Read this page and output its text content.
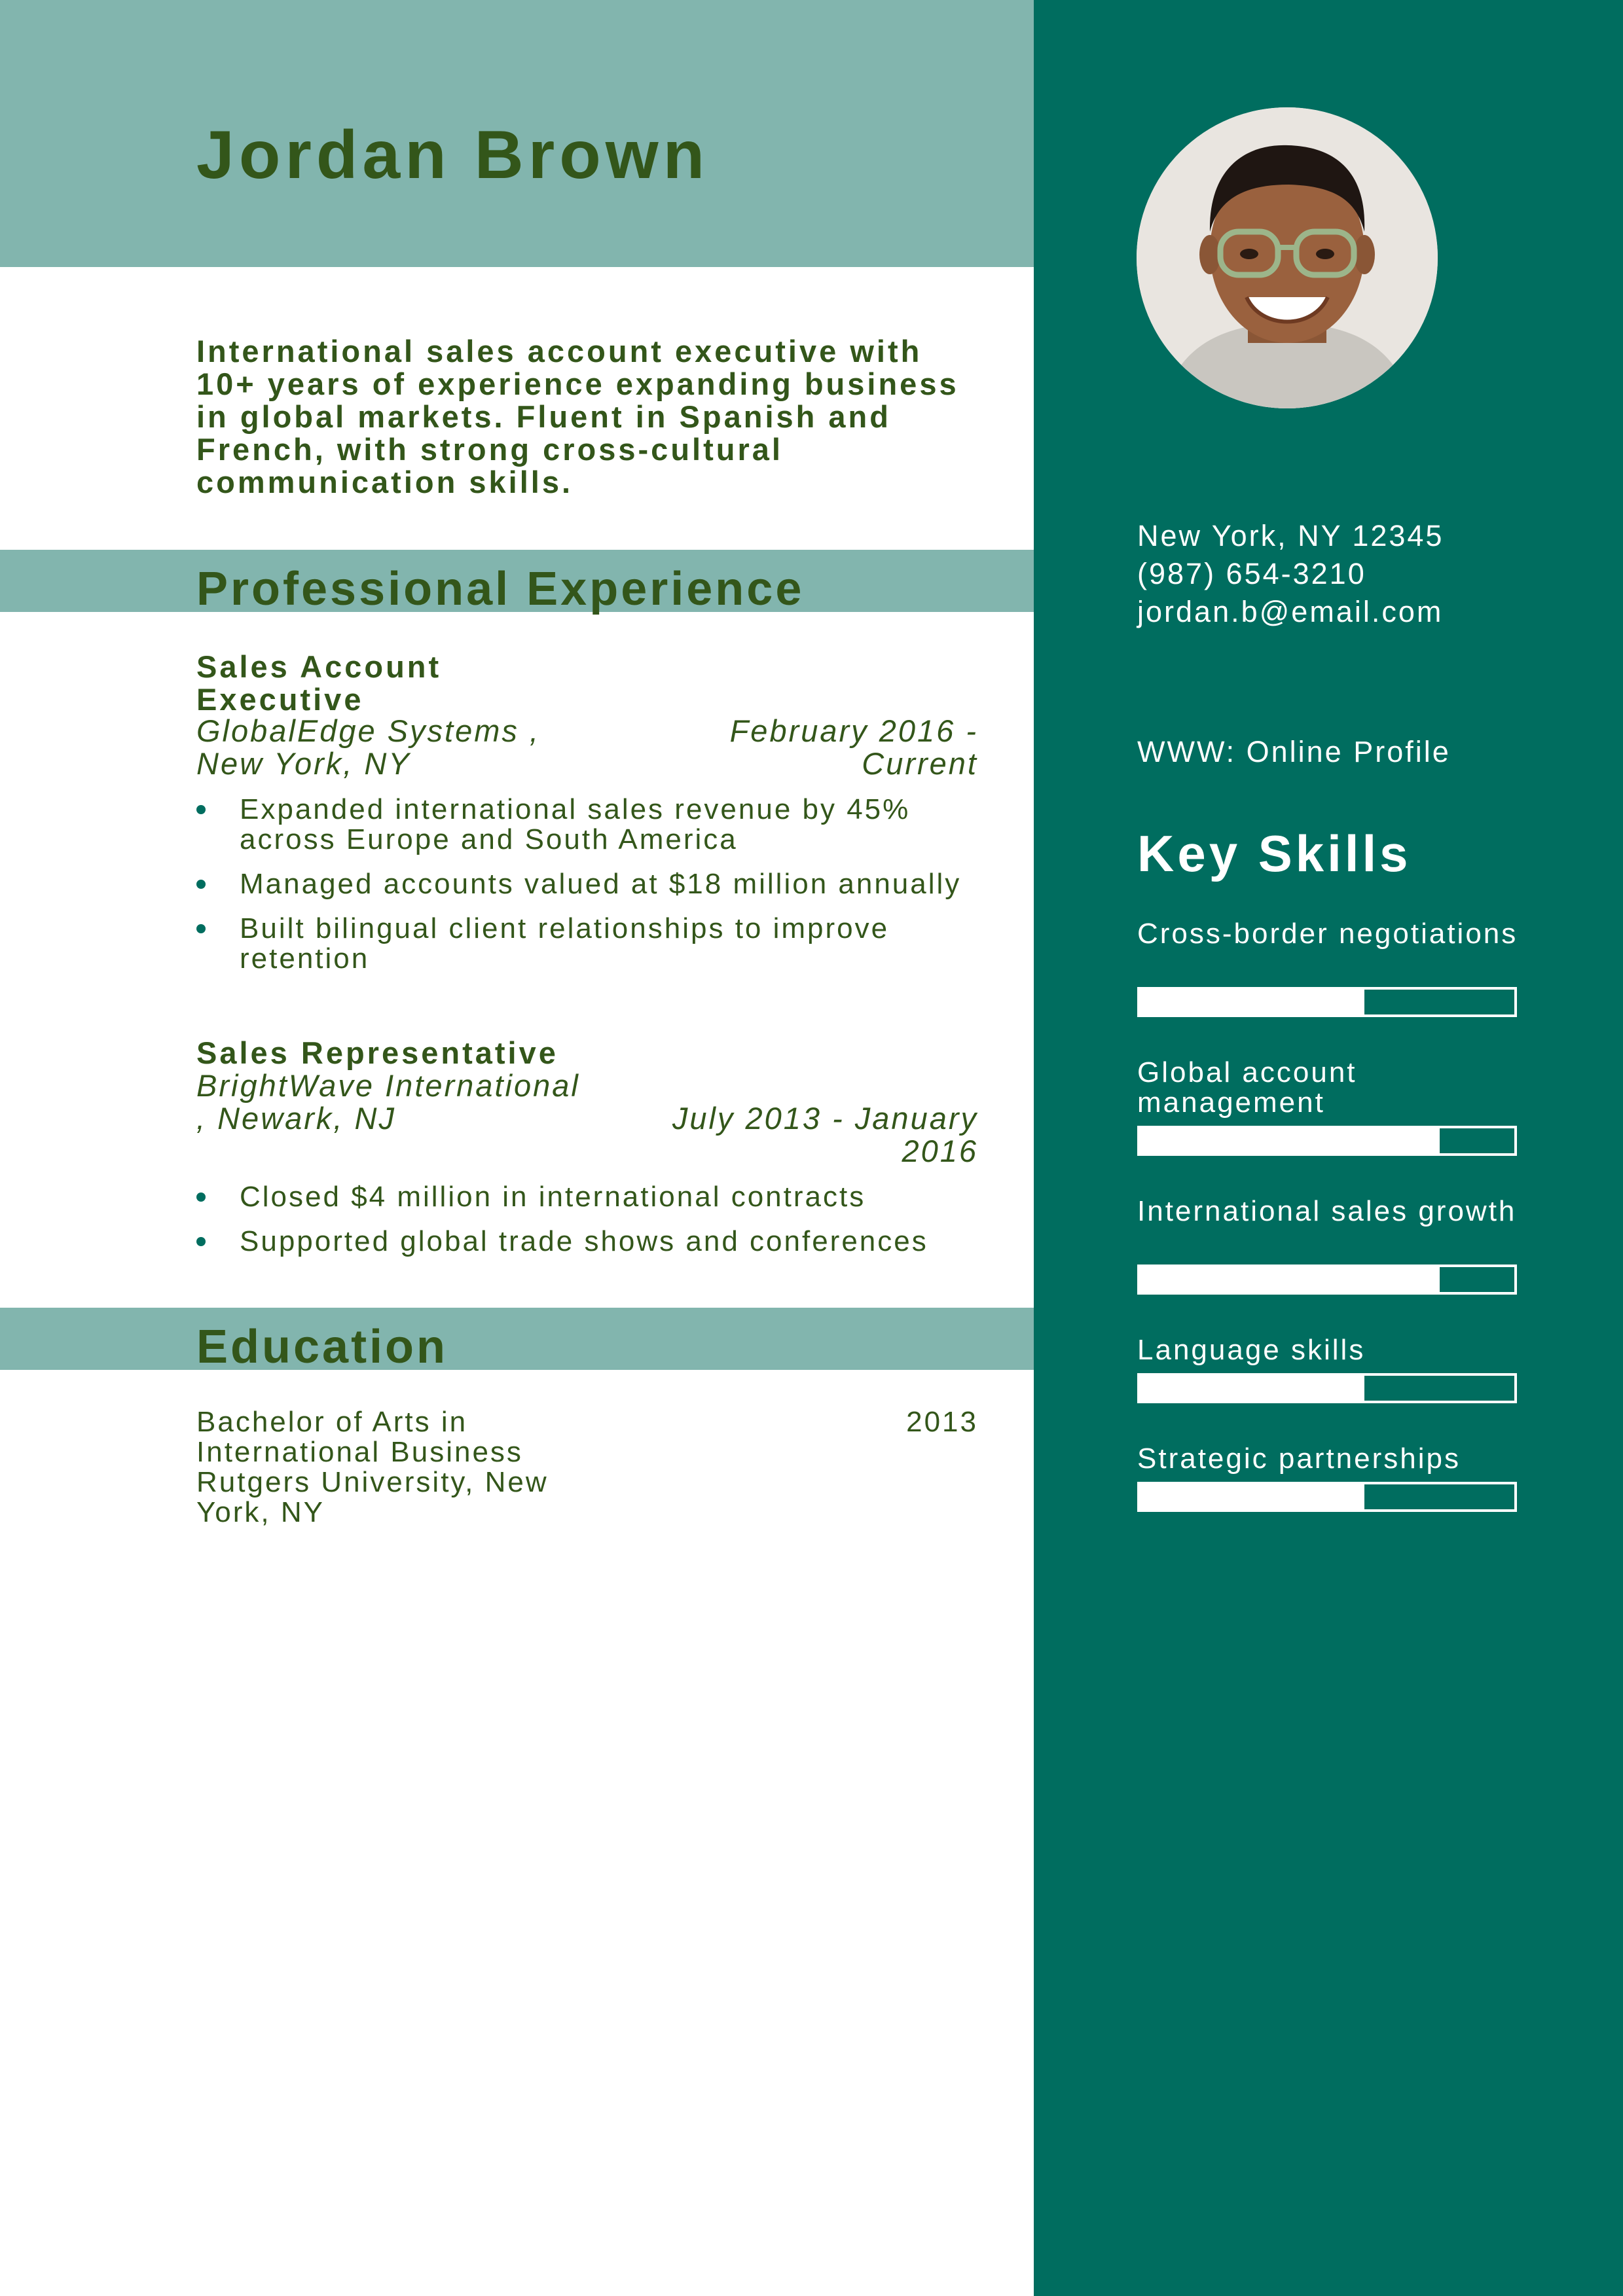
Jordan Brown
International sales account executive with 10+ years of experience expanding business in global markets. Fluent in Spanish and French, with strong cross-cultural communication skills.
Professional Experience
Sales Account Executive
GlobalEdge Systems , New York, NY
February 2016 - Current
Expanded international sales revenue by 45% across Europe and South America
Managed accounts valued at $18 million annually
Built bilingual client relationships to improve retention
Sales Representative
BrightWave International , Newark, NJ	July 2013 - January 2016
Closed $4 million in international contracts
Supported global trade shows and conferences
Education
Bachelor of Arts in International Business Rutgers University, New York, NY
2013
New York, NY 12345
(987) 654-3210
jordan.b@email.com
WWW: Online Profile
Key Skills
Cross-border negotiations
Global account management
International sales growth
Language skills
Strategic partnerships
